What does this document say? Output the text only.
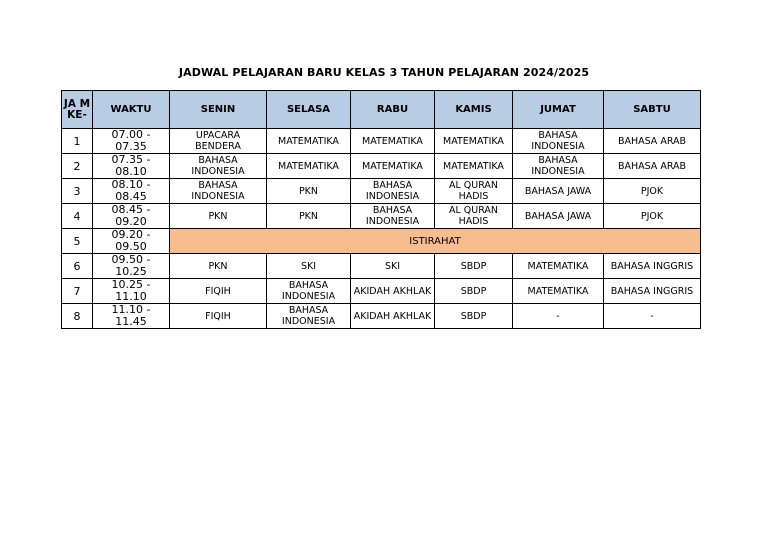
JADWAL PELAJARAN BARU KELAS 3 TAHUN PELAJARAN 2024/2025
JA M KE-	WAKTU	SENIN	SELASA	RABU	KAMIS	JUMAT	SABTU
1	07.00 - 07.35	UPACARA BENDERA	MATEMATIKA	MATEMATIKA	MATEMATIKA	BAHASA INDONESIA	BAHASA ARAB
2	07.35 - 08.10	BAHASA INDONESIA	MATEMATIKA	MATEMATIKA	MATEMATIKA	BAHASA INDONESIA	BAHASA ARAB
3	08.10 - 08.45	BAHASA INDONESIA	PKN	BAHASA INDONESIA	AL QURAN HADIS	BAHASA JAWA	PJOK
4	08.45 - 09.20	PKN	PKN	BAHASA INDONESIA	AL QURAN HADIS	BAHASA JAWA	PJOK
5	09.20 - 09.50	ISTIRAHAT					
6	09.50 - 10.25	PKN	SKI	SKI	SBDP	MATEMATIKA	BAHASA INGGRIS
7	10.25 - 11.10	FIQIH	BAHASA INDONESIA	AKIDAH AKHLAK	SBDP	MATEMATIKA	BAHASA INGGRIS
8	11.10 - 11.45	FIQIH	BAHASA INDONESIA	AKIDAH AKHLAK	SBDP	-	-
